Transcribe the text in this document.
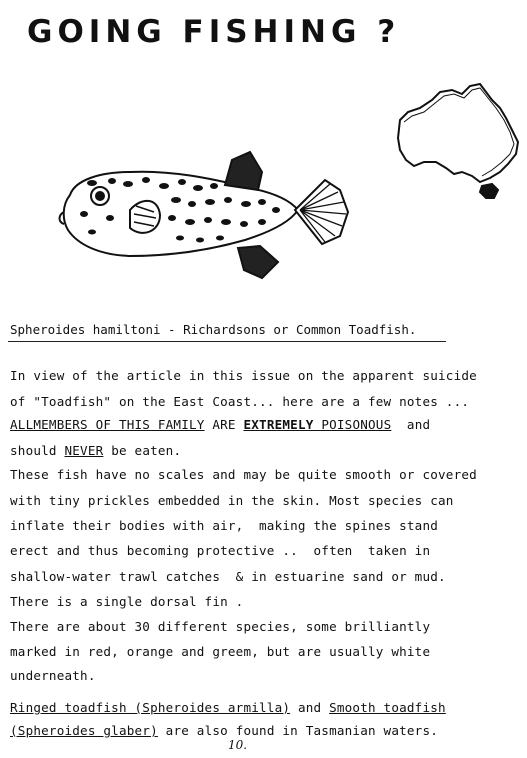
GOING FISHING ?
Spheroides hamiltoni - Richardsons or Common Toadfish.
In view of the article in this issue on the apparent suicide
of "Toadfish" on the East Coast... here are a few notes ...
ALLMEMBERS OF THIS FAMILY ARE EXTREMELY POISONOUS  and
should NEVER be eaten.
These fish have no scales and may be quite smooth or covered
with tiny prickles embedded in the skin. Most species can
inflate their bodies with air,  making the spines stand
erect and thus becoming protective ..  often  taken in
shallow-water trawl catches  & in estuarine sand or mud.
There is a single dorsal fin .
There are about 30 different species, some brilliantly
marked in red, orange and greem, but are usually white
underneath.
Ringed toadfish (Spheroides armilla) and Smooth toadfish
(Spheroides glaber) are also found in Tasmanian waters.
10.
